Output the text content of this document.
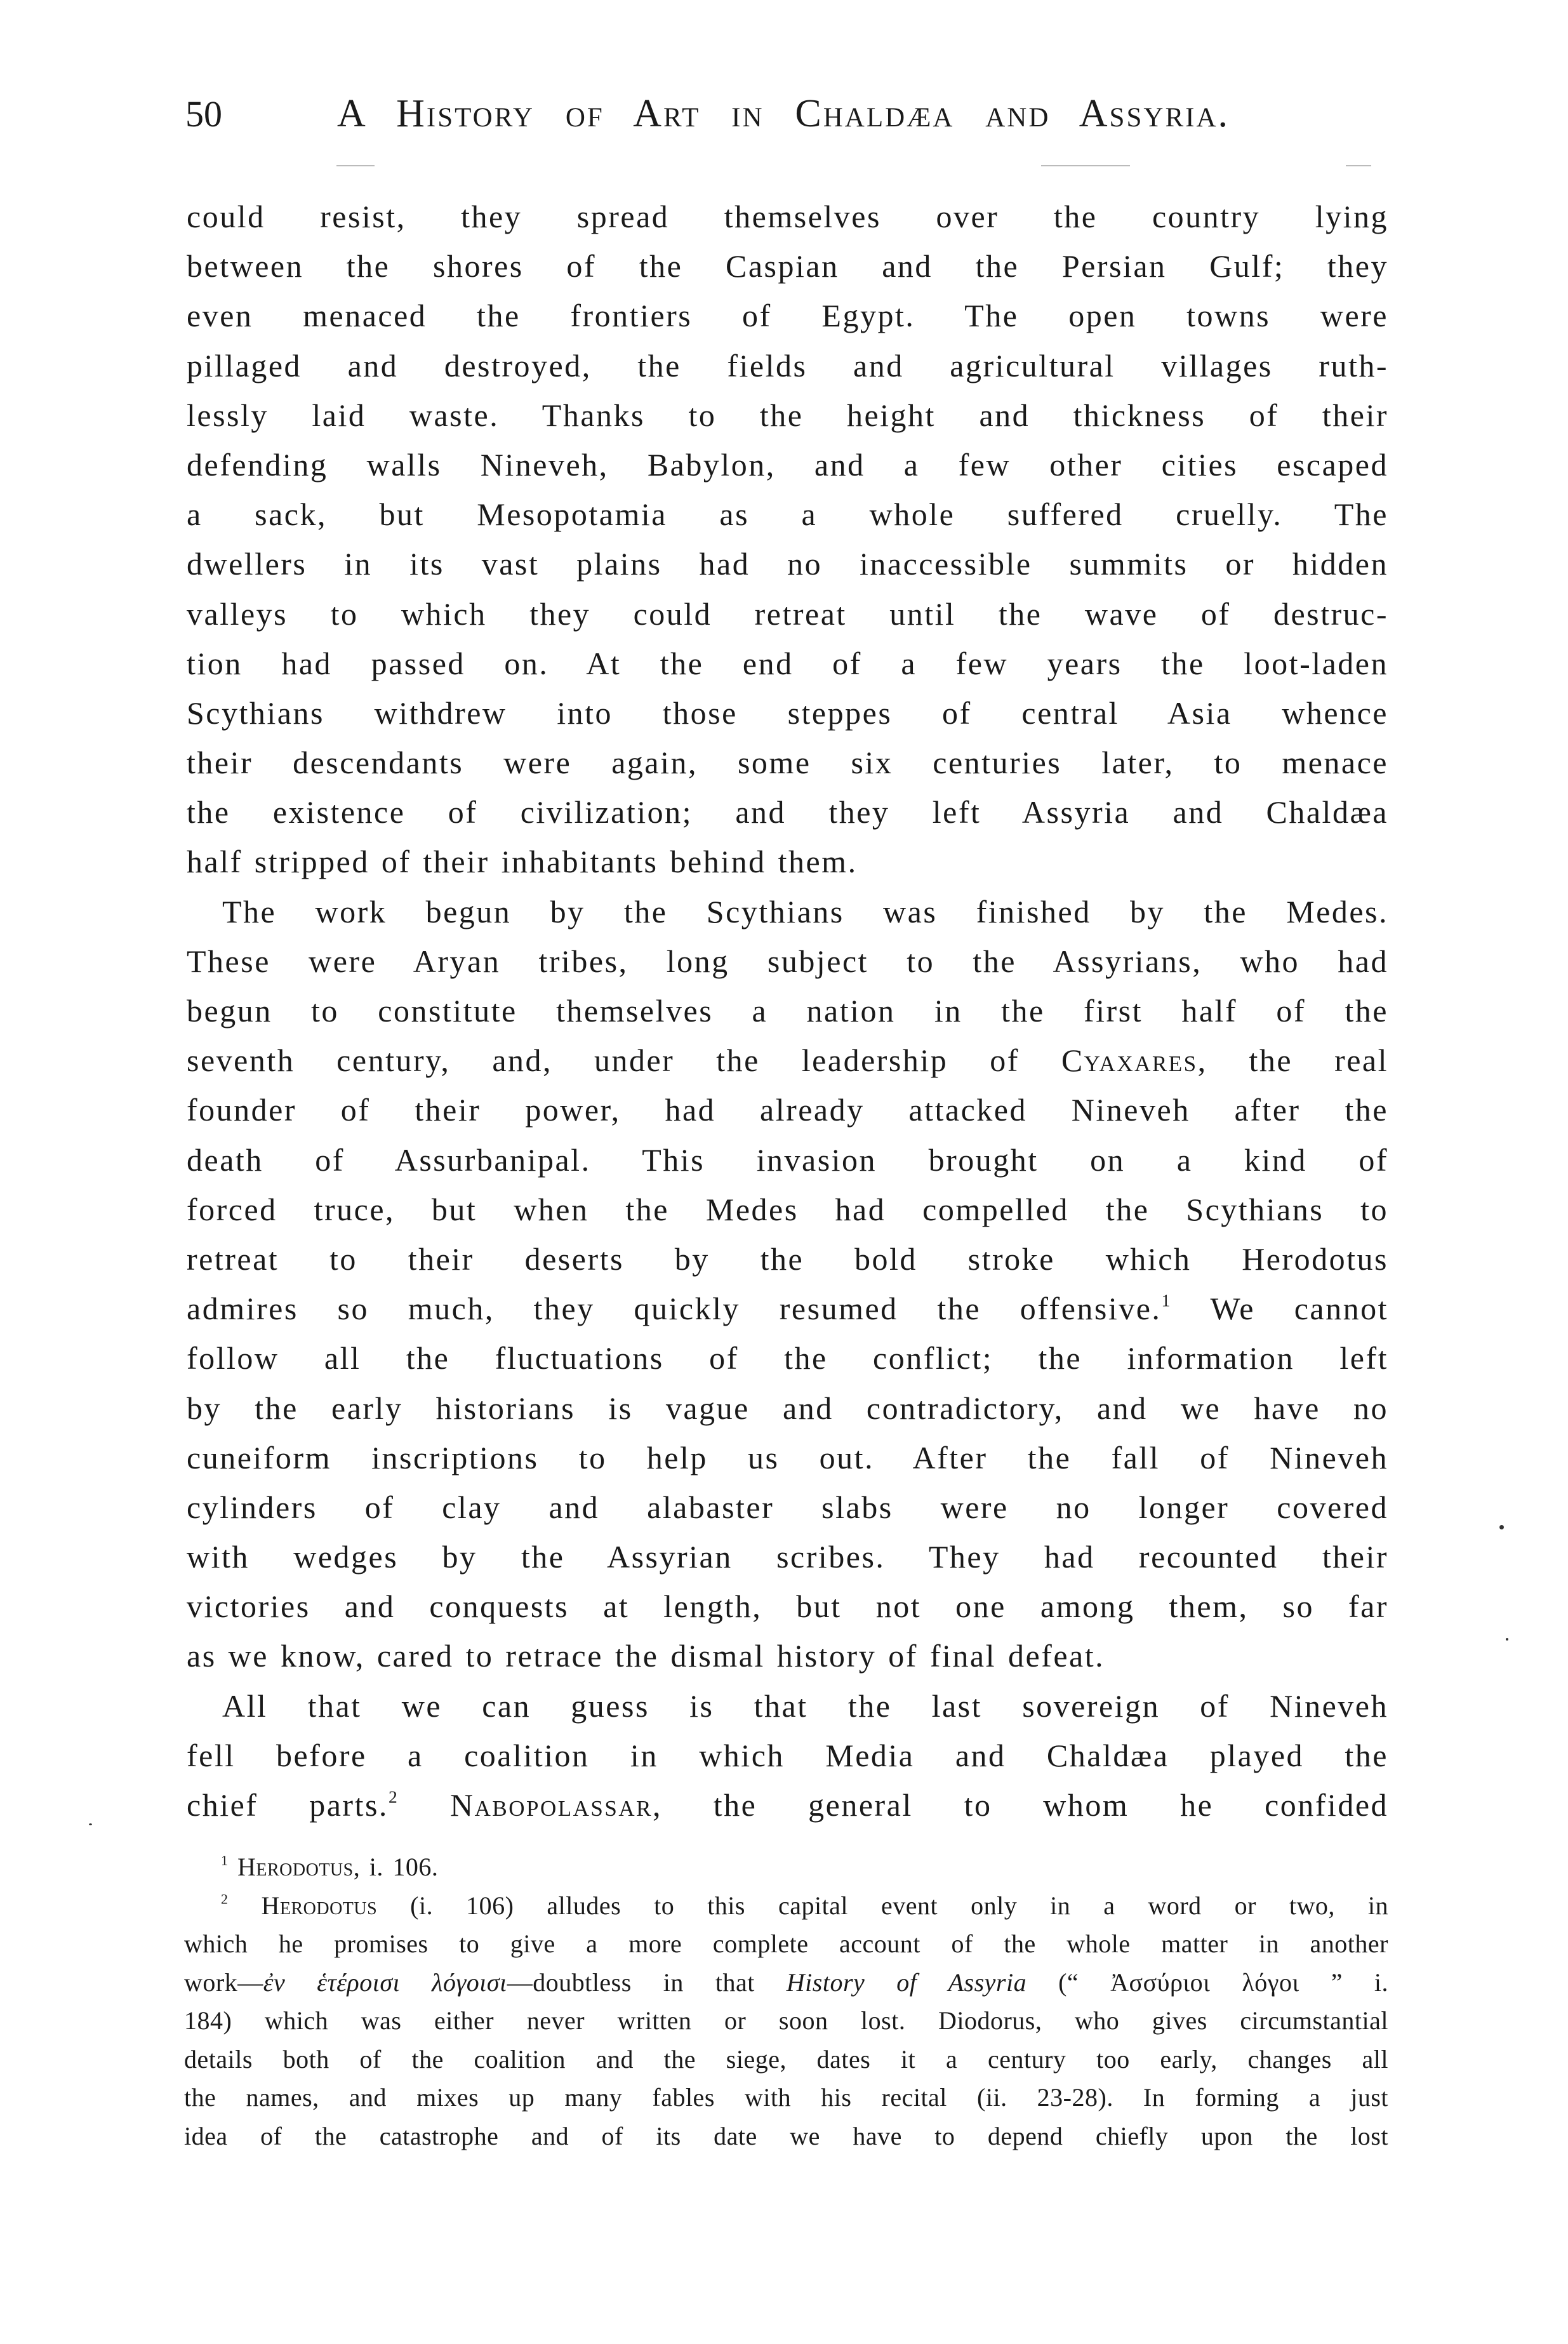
50	A History of Art in Chaldæa and Assyria.
could resist, they spread themselves over the country lying
between the shores of the Caspian and the Persian Gulf; they
even menaced the frontiers of Egypt. The open towns were
pillaged and destroyed, the fields and agricultural villages ruth-
lessly laid waste. Thanks to the height and thickness of their
defending walls Nineveh, Babylon, and a few other cities escaped
a sack, but Mesopotamia as a whole suffered cruelly. The
dwellers in its vast plains had no inaccessible summits or hidden
valleys to which they could retreat until the wave of destruc-
tion had passed on. At the end of a few years the loot-laden
Scythians withdrew into those steppes of central Asia whence
their descendants were again, some six centuries later, to menace
the existence of civilization; and they left Assyria and Chaldæa
half stripped of their inhabitants behind them.
The work begun by the Scythians was finished by the Medes.
These were Aryan tribes, long subject to the Assyrians, who had
begun to constitute themselves a nation in the first half of the
seventh century, and, under the leadership of Cyaxares, the real
founder of their power, had already attacked Nineveh after the
death of Assurbanipal. This invasion brought on a kind of
forced truce, but when the Medes had compelled the Scythians to
retreat to their deserts by the bold stroke which Herodotus
admires so much, they quickly resumed the offensive.$^1$ We cannot
follow all the fluctuations of the conflict; the information left
by the early historians is vague and contradictory, and we have no
cuneiform inscriptions to help us out. After the fall of Nineveh
cylinders of clay and alabaster slabs were no longer covered
with wedges by the Assyrian scribes. They had recounted their
victories and conquests at length, but not one among them, so far
as we know, cared to retrace the dismal history of final defeat.
All that we can guess is that the last sovereign of Nineveh
fell before a coalition in which Media and Chaldæa played the
chief parts.$^2$ Nabopolassar, the general to whom he confided
$^1$ Herodotus, i. 106.
$^2$ Herodotus (i. 106) alludes to this capital event only in a word or two, in
which he promises to give a more complete account of the whole matter in another
work—ἐν ἑτέροισι λόγοισι—doubtless in that History of Assyria (“ Ἀσσύριοι λόγοι ” i.
184) which was either never written or soon lost. Diodorus, who gives circumstantial
details both of the coalition and the siege, dates it a century too early, changes all
the names, and mixes up many fables with his recital (ii. 23-28). In forming a just
idea of the catastrophe and of its date we have to depend chiefly upon the lost
